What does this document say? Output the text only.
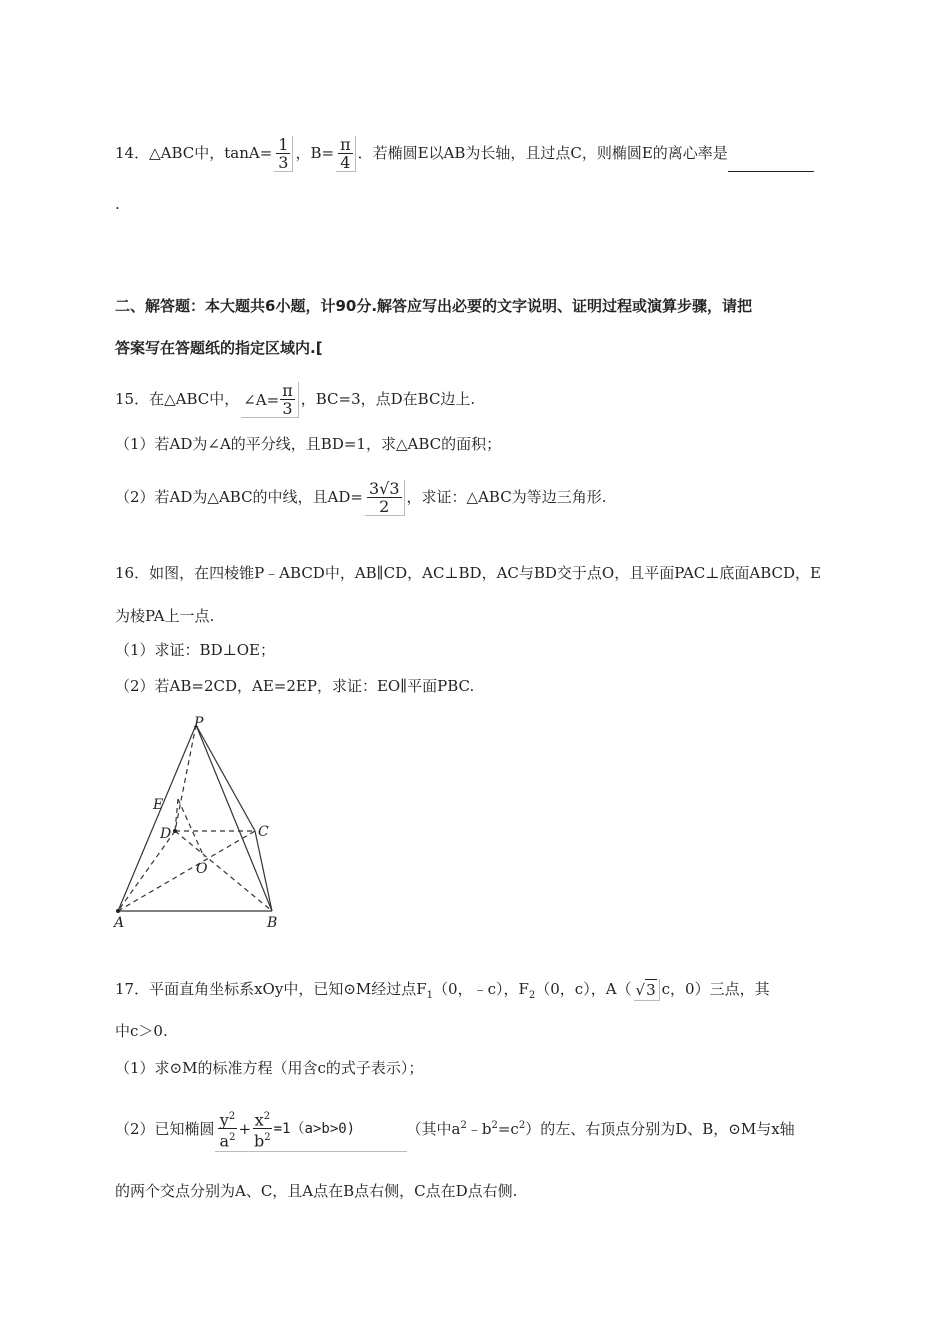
14．△ABC中，$\tan A= \frac{1}{3}$ ，$B= \frac{\pi}{4}$ ．若椭圆E以AB为长轴，且过点C，则椭圆E的离心率是
.
二、解答题：本大题共6小题，计90分.解答应写出必要的文字说明、证明过程或演算步骤，请把
答案写在答题纸的指定区域内.[
15．在△ABC中， ∠A= $\frac{\pi}{3}$ ，BC=3，点D在BC边上.
（1）若AD为∠A的平分线，且BD=1，求△ABC的面积；
（2）若AD为△ABC的中线，且$AD= \frac{3√3}{2}$ ，求证：△ABC为等边三角形.
16．如图，在四棱锥P﹣ABCD中，AB∥CD，AC⊥BD，AC与BD交于点O，且平面PAC⊥底面ABCD，E
为棱PA上一点.
（1）求证：BD⊥OE；
（2）若AB=2CD，AE=2EP，求证：EO∥平面PBC.
P
E
D	C
O
A	B
17．平面直角坐标系xOy中，已知⊙M经过点$F_1(0$，﹣c），$F_2(0$，c），A（ √ 3 c，0）三点，其
中c＞0.
（1）求⊙M的标准方程（用含c的式子表示）；
（2）已知椭圆 $\frac{y^2}{a^2} + \frac{x^2}{b^2} =1(a>b>0)$	（其中$a^2﹣b^2=c^2$）的左、右顶点分别为D、B，⊙M与x轴
的两个交点分别为A、C，且A点在B点右侧，C点在D点右侧.
